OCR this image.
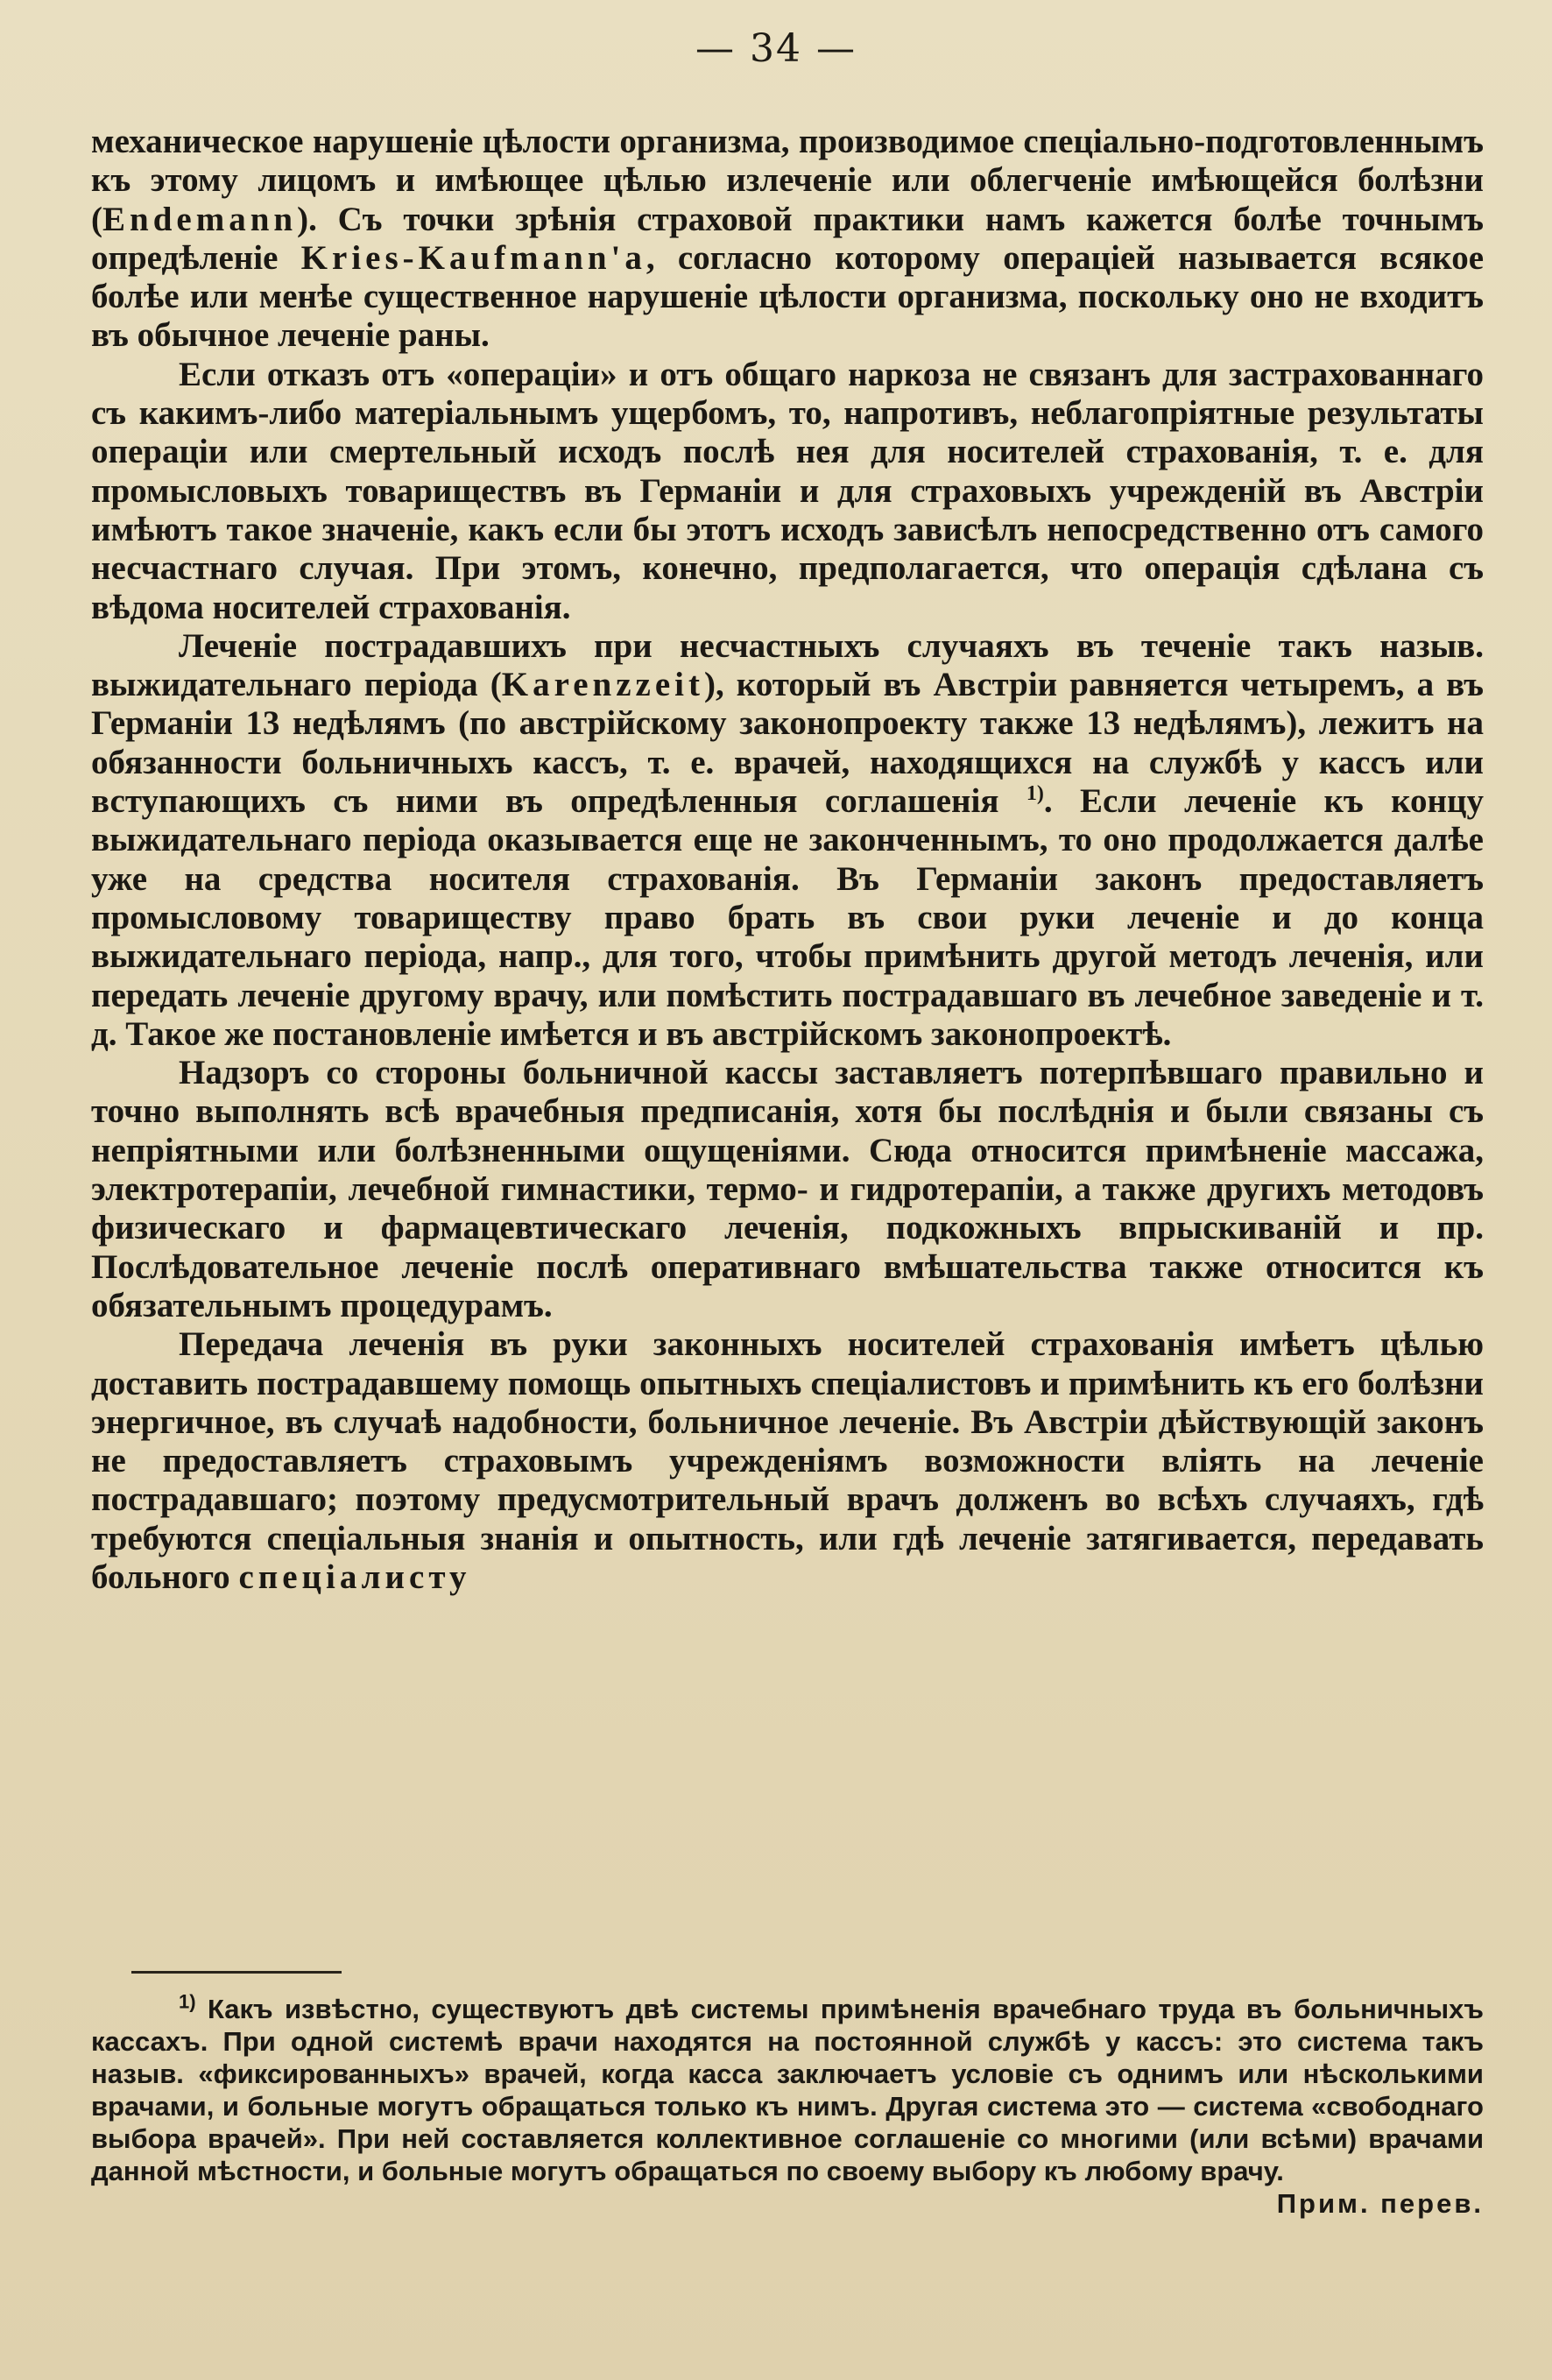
— 34 —

механическое нарушеніе цѣлости организма, производимое спеціально-подготовленнымъ къ этому лицомъ и имѣющее цѣлью излеченіе или облегченіе имѣющейся болѣзни (Endemann). Съ точки зрѣнія страховой практики намъ кажется болѣе точнымъ опредѣленіе Kries-Kaufmann'a, согласно которому операціей называется всякое болѣе или менѣе существенное нарушеніе цѣлости организма, поскольку оно не входитъ въ обычное леченіе раны.

Если отказъ отъ «операціи» и отъ общаго наркоза не связанъ для застрахованнаго съ какимъ-либо матеріальнымъ ущербомъ, то, напротивъ, неблагопріятные результаты операціи или смертельный исходъ послѣ нея для носителей страхованія, т. е. для промысловыхъ товариществъ въ Германіи и для страховыхъ учрежденій въ Австріи имѣютъ такое значеніе, какъ если бы этотъ исходъ зависѣлъ непосредственно отъ самого несчастнаго случая. При этомъ, конечно, предполагается, что операція сдѣлана съ вѣдома носителей страхованія.

Леченіе пострадавшихъ при несчастныхъ случаяхъ въ теченіе такъ назыв. выжидательнаго періода (Karenzzeit), который въ Австріи равняется четыремъ, а въ Германіи 13 недѣлямъ (по австрійскому законопроекту также 13 недѣлямъ), лежитъ на обязанности больничныхъ кассъ, т. е. врачей, находящихся на службѣ у кассъ или вступающихъ съ ними въ опредѣленныя соглашенія $^{1)}$. Если леченіе къ концу выжидательнаго періода оказывается еще не законченнымъ, то оно продолжается далѣе уже на средства носителя страхованія. Въ Германіи законъ предоставляетъ промысловому товариществу право брать въ свои руки леченіе и до конца выжидательнаго періода, напр., для того, чтобы примѣнить другой методъ леченія, или передать леченіе другому врачу, или помѣстить пострадавшаго въ лечебное заведеніе и т. д. Такое же постановленіе имѣется и въ австрійскомъ законопроектѣ.

Надзоръ со стороны больничной кассы заставляетъ потерпѣвшаго правильно и точно выполнять всѣ врачебныя предписанія, хотя бы послѣднія и были связаны съ непріятными или болѣзненными ощущеніями. Сюда относится примѣненіе массажа, электротерапіи, лечебной гимнастики, термо- и гидротерапіи, а также другихъ методовъ физическаго и фармацевтическаго леченія, подкожныхъ впрыскиваній и пр. Послѣдовательное леченіе послѣ оперативнаго вмѣшательства также относится къ обязательнымъ процедурамъ.

Передача леченія въ руки законныхъ носителей страхованія имѣетъ цѣлью доставить пострадавшему помощь опытныхъ спеціалистовъ и примѣнить къ его болѣзни энергичное, въ случаѣ надобности, больничное леченіе. Въ Австріи дѣйствующій законъ не предоставляетъ страховымъ учрежденіямъ возможности вліять на леченіе пострадавшаго; поэтому предусмотрительный врачъ долженъ во всѣхъ случаяхъ, гдѣ требуются спеціальныя знанія и опытность, или гдѣ леченіе затягивается, передавать больного спеціалисту

$^{1)}$ Какъ извѣстно, существуютъ двѣ системы примѣненія врачебнаго труда въ больничныхъ кассахъ. При одной системѣ врачи находятся на постоянной службѣ у кассъ: это система такъ назыв. «фиксированныхъ» врачей, когда касса заключаетъ условіе съ однимъ или нѣсколькими врачами, и больные могутъ обращаться только къ нимъ. Другая система это — система «свободнаго выбора врачей». При ней составляется коллективное соглашеніе со многими (или всѣми) врачами данной мѣстности, и больные могутъ обращаться по своему выбору къ любому врачу.
Прим. перев.
